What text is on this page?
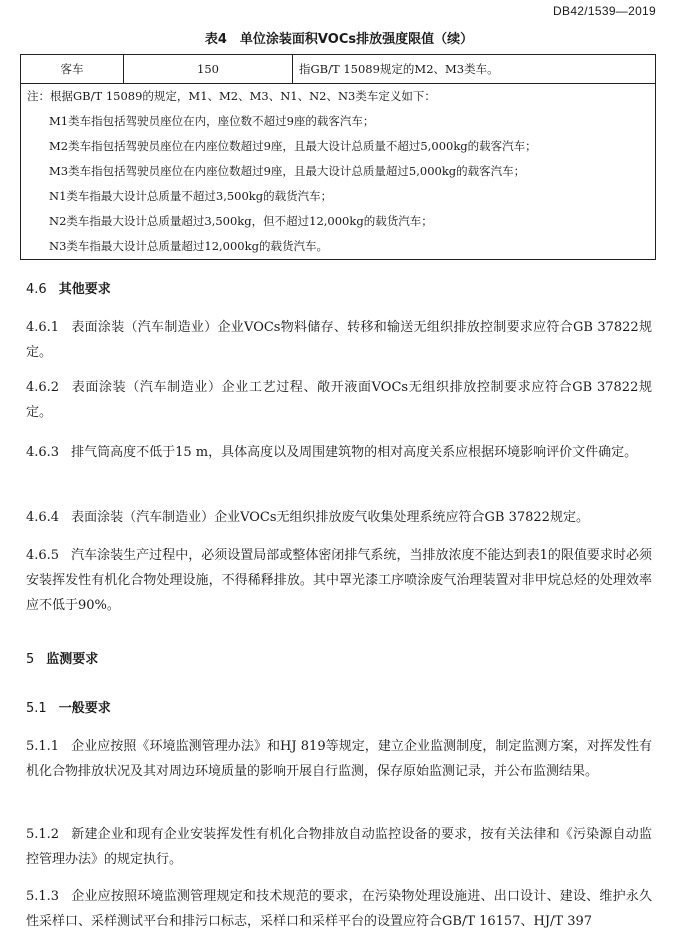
DB42/1539—2019
表4　单位涂装面积VOCs排放强度限值（续）
客车	150	指GB/T 15089规定的M2、M3类车。

注：根据GB/T 15089的规定，M1、M2、M3、N1、N2、N3类车定义如下：
M1类车指包括驾驶员座位在内，座位数不超过9座的载客汽车；
M2类车指包括驾驶员座位在内座位数超过9座，且最大设计总质量不超过5,000kg的载客汽车；
M3类车指包括驾驶员座位在内座位数超过9座，且最大设计总质量超过5,000kg的载客汽车；
N1类车指最大设计总质量不超过3,500kg的载货汽车；
N2类车指最大设计总质量超过3,500kg，但不超过12,000kg的载货汽车；
N3类车指最大设计总质量超过12,000kg的载货汽车。
4.6 其他要求
4.6.1 表面涂装（汽车制造业）企业VOCs物料储存、转移和输送无组织排放控制要求应符合GB 37822规定。
4.6.2 表面涂装（汽车制造业）企业工艺过程、敞开液面VOCs无组织排放控制要求应符合GB 37822规定。
4.6.3 排气筒高度不低于15 m，具体高度以及周围建筑物的相对高度关系应根据环境影响评价文件确定。
4.6.4 表面涂装（汽车制造业）企业VOCs无组织排放废气收集处理系统应符合GB 37822规定。
4.6.5 汽车涂装生产过程中，必须设置局部或整体密闭排气系统，当排放浓度不能达到表1的限值要求时必须安装挥发性有机化合物处理设施，不得稀释排放。其中罩光漆工序喷涂废气治理装置对非甲烷总烃的处理效率应不低于90%。
5 监测要求
5.1 一般要求
5.1.1 企业应按照《环境监测管理办法》和HJ 819等规定，建立企业监测制度，制定监测方案，对挥发性有机化合物排放状况及其对周边环境质量的影响开展自行监测，保存原始监测记录，并公布监测结果。
5.1.2 新建企业和现有企业安装挥发性有机化合物排放自动监控设备的要求，按有关法律和《污染源自动监控管理办法》的规定执行。
5.1.3 企业应按照环境监测管理规定和技术规范的要求，在污染物处理设施进、出口设计、建设、维护永久性采样口、采样测试平台和排污口标志，采样口和采样平台的设置应符合GB/T 16157、HJ/T 397
